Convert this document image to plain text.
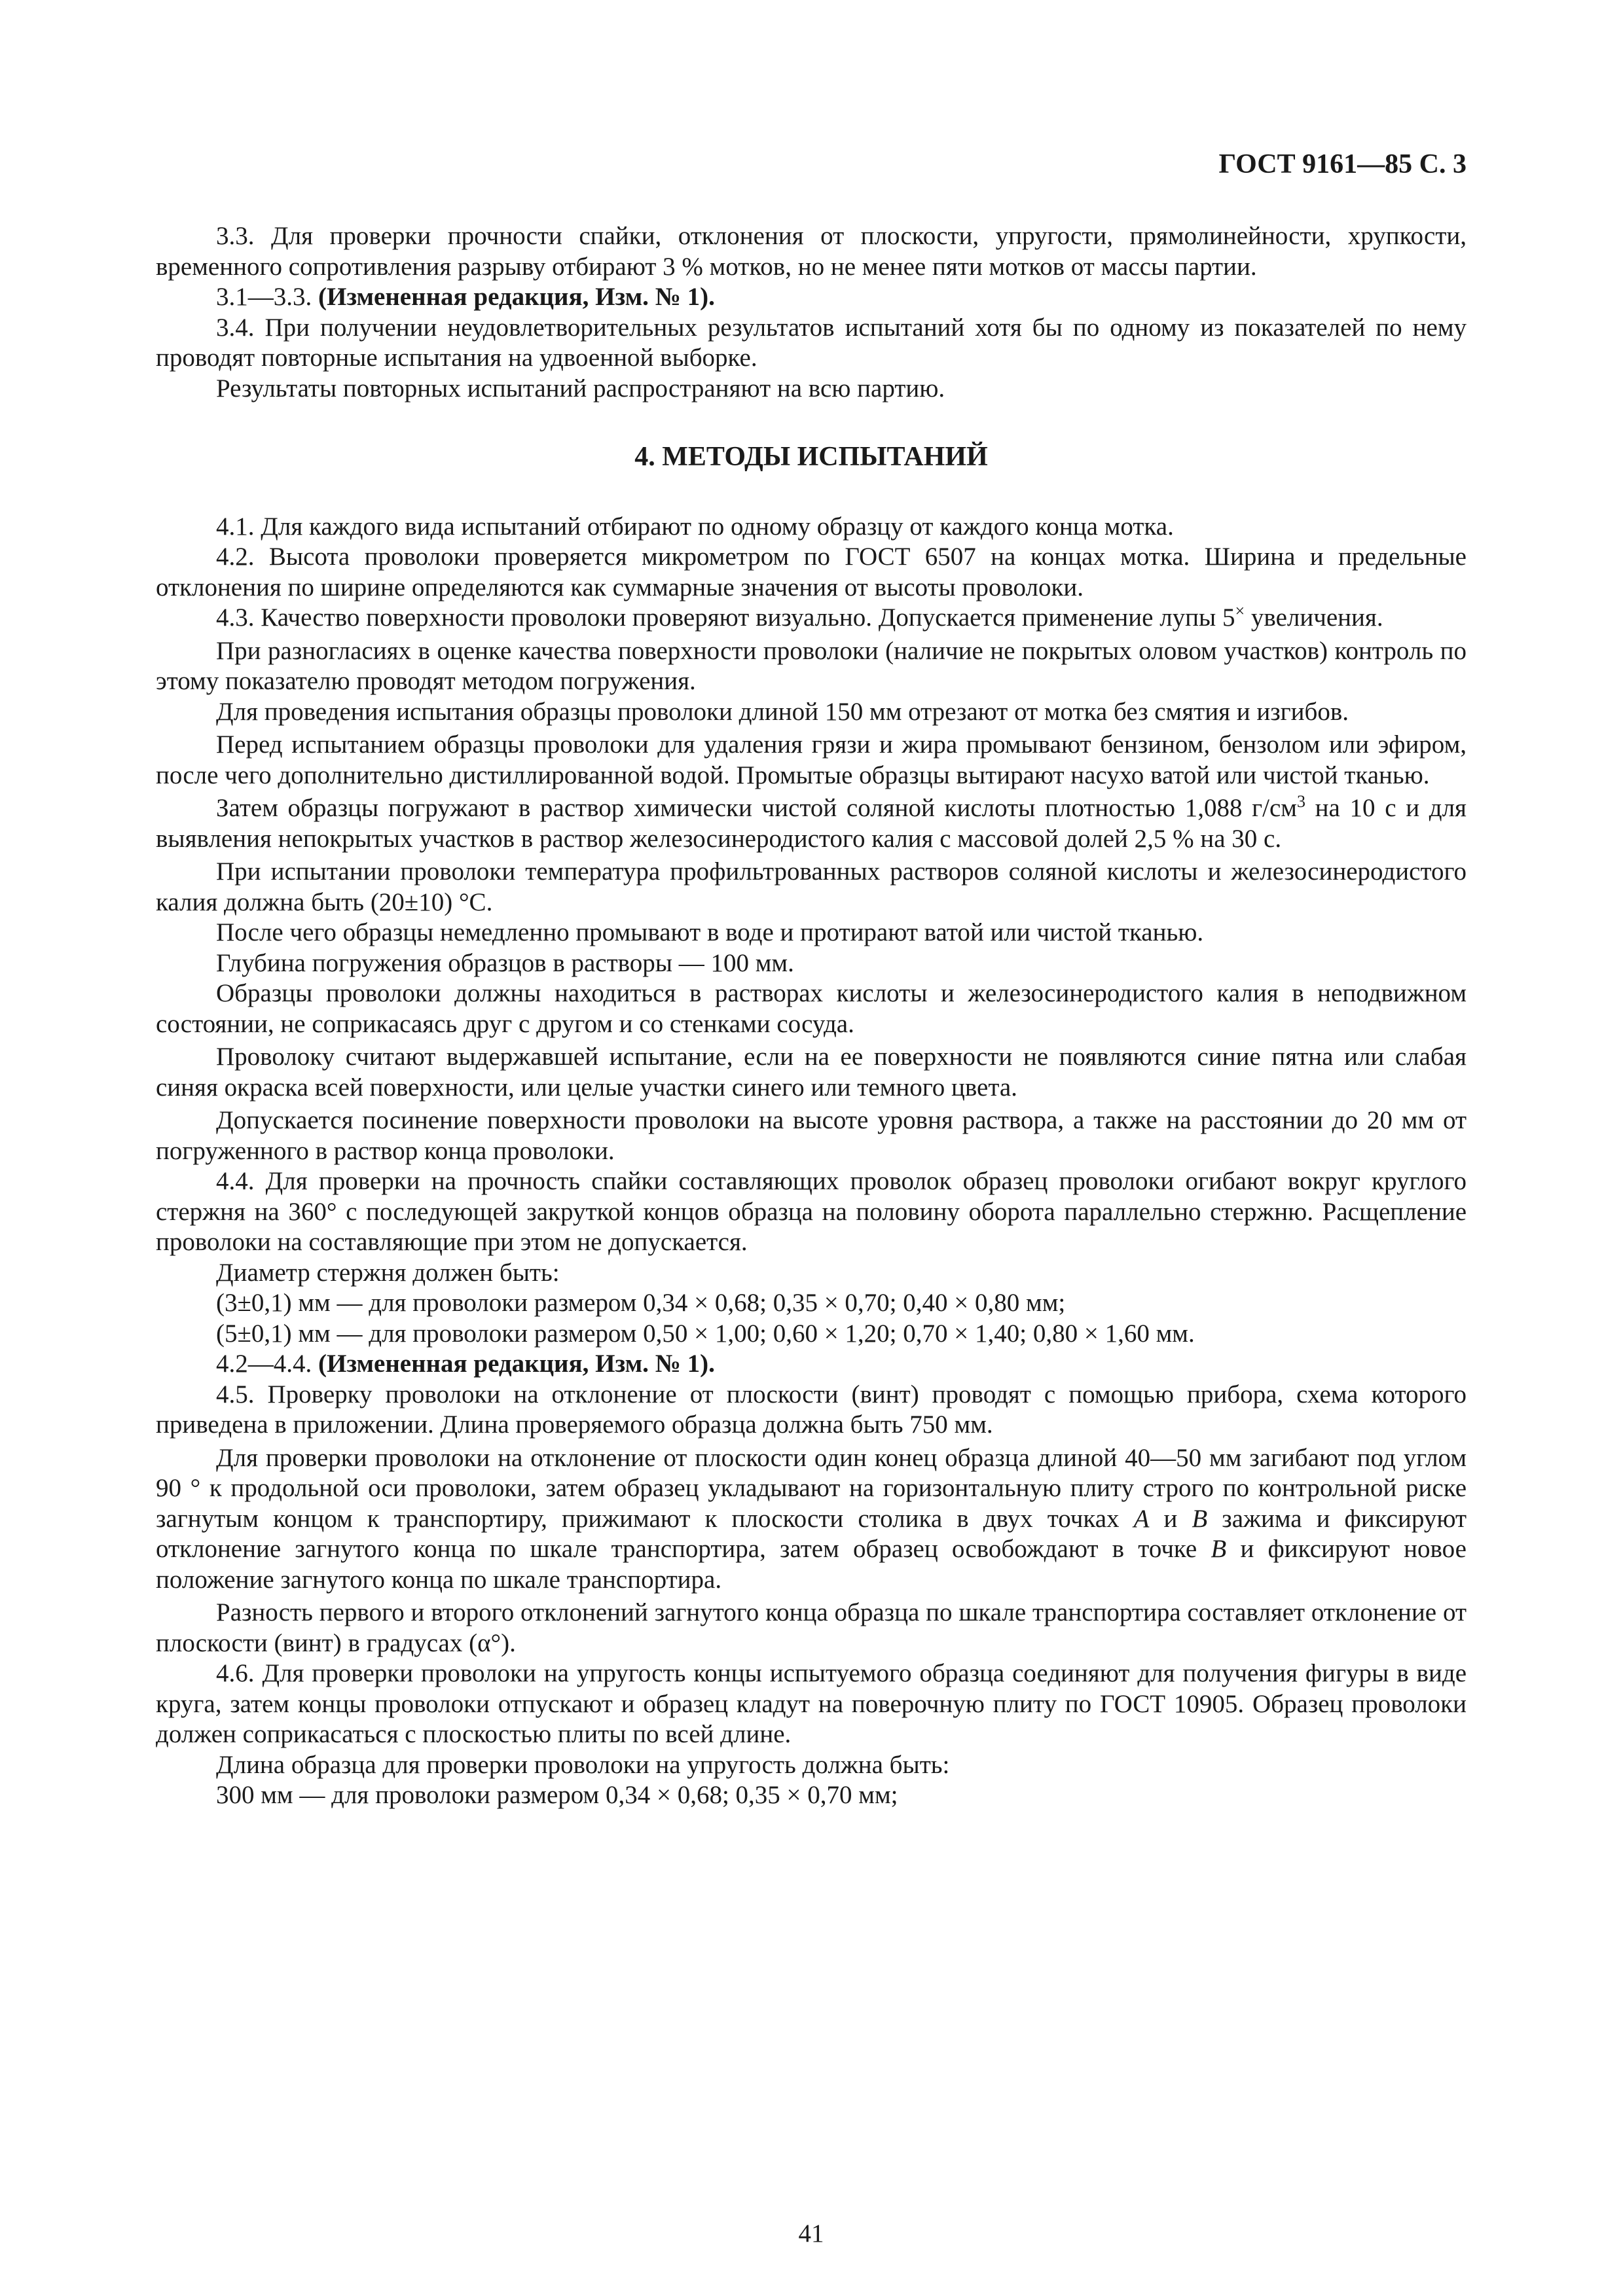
ГОСТ 9161—85 С. 3

3.3. Для проверки прочности спайки, отклонения от плоскости, упругости, прямолинейности, хрупкости, временного сопротивления разрыву отбирают 3 % мотков, но не менее пяти мотков от массы партии.

3.1—3.3. (Измененная редакция, Изм. № 1).

3.4. При получении неудовлетворительных результатов испытаний хотя бы по одному из показателей по нему проводят повторные испытания на удвоенной выборке.

Результаты повторных испытаний распространяют на всю партию.

4. МЕТОДЫ ИСПЫТАНИЙ

4.1. Для каждого вида испытаний отбирают по одному образцу от каждого конца мотка.

4.2. Высота проволоки проверяется микрометром по ГОСТ 6507 на концах мотка. Ширина и предельные отклонения по ширине определяются как суммарные значения от высоты проволоки.

4.3. Качество поверхности проволоки проверяют визуально. Допускается применение лупы 5× увеличения.

При разногласиях в оценке качества поверхности проволоки (наличие не покрытых оловом участков) контроль по этому показателю проводят методом погружения.

Для проведения испытания образцы проволоки длиной 150 мм отрезают от мотка без смятия и изгибов.

Перед испытанием образцы проволоки для удаления грязи и жира промывают бензином, бензолом или эфиром, после чего дополнительно дистиллированной водой. Промытые образцы вытирают насухо ватой или чистой тканью.

Затем образцы погружают в раствор химически чистой соляной кислоты плотностью 1,088 $г/см^3$ на 10 с и для выявления непокрытых участков в раствор железосинеродистого калия с массовой долей 2,5 % на 30 с.

При испытании проволоки температура профильтрованных растворов соляной кислоты и железосинеродистого калия должна быть (20±10) °С.

После чего образцы немедленно промывают в воде и протирают ватой или чистой тканью.

Глубина погружения образцов в растворы — 100 мм.

Образцы проволоки должны находиться в растворах кислоты и железосинеродистого калия в неподвижном состоянии, не соприкасаясь друг с другом и со стенками сосуда.

Проволоку считают выдержавшей испытание, если на ее поверхности не появляются синие пятна или слабая синяя окраска всей поверхности, или целые участки синего или темного цвета.

Допускается посинение поверхности проволоки на высоте уровня раствора, а также на расстоянии до 20 мм от погруженного в раствор конца проволоки.

4.4. Для проверки на прочность спайки составляющих проволок образец проволоки огибают вокруг круглого стержня на 360° с последующей закруткой концов образца на половину оборота параллельно стержню. Расщепление проволоки на составляющие при этом не допускается.

Диаметр стержня должен быть:

(3±0,1) мм — для проволоки размером 0,34 × 0,68; 0,35 × 0,70; 0,40 × 0,80 мм;

(5±0,1) мм — для проволоки размером 0,50 × 1,00; 0,60 × 1,20; 0,70 × 1,40; 0,80 × 1,60 мм.

4.2—4.4. (Измененная редакция, Изм. № 1).

4.5. Проверку проволоки на отклонение от плоскости (винт) проводят с помощью прибора, схема которого приведена в приложении. Длина проверяемого образца должна быть 750 мм.

Для проверки проволоки на отклонение от плоскости один конец образца длиной 40—50 мм загибают под углом 90 ° к продольной оси проволоки, затем образец укладывают на горизонтальную плиту строго по контрольной риске загнутым концом к транспортиру, прижимают к плоскости столика в двух точках А и В зажима и фиксируют отклонение загнутого конца по шкале транспортира, затем образец освобождают в точке В и фиксируют новое положение загнутого конца по шкале транспортира.

Разность первого и второго отклонений загнутого конца образца по шкале транспортира составляет отклонение от плоскости (винт) в градусах (α°).

4.6. Для проверки проволоки на упругость концы испытуемого образца соединяют для получения фигуры в виде круга, затем концы проволоки отпускают и образец кладут на поверочную плиту по ГОСТ 10905. Образец проволоки должен соприкасаться с плоскостью плиты по всей длине.

Длина образца для проверки проволоки на упругость должна быть:

300 мм — для проволоки размером 0,34 × 0,68; 0,35 × 0,70 мм;

41
